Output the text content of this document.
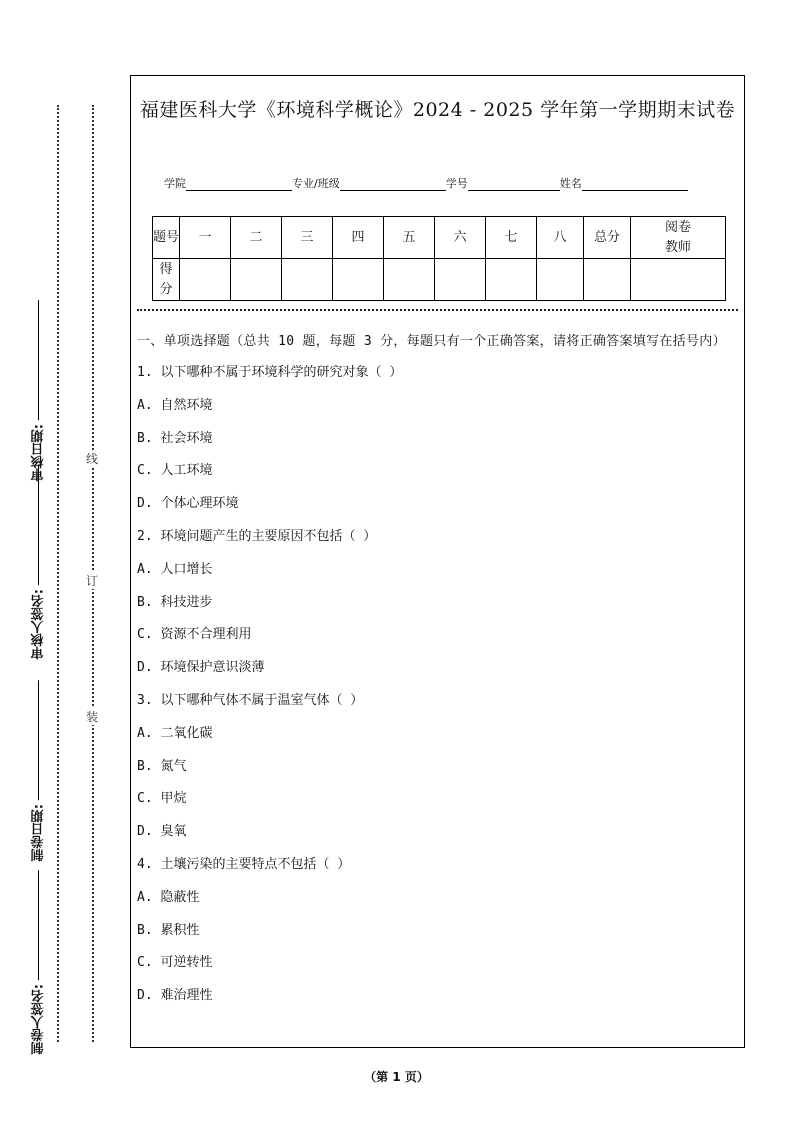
审核日期:
审核人签名:
制卷日期:
制卷人签名:
线
订
装
福建医科大学《环境科学概论》2024 - 2025 学年第一学期期末试卷
学院	专业/班级	学号	姓名
题号	一	二	三	四	五	六	七	八	总分	阅卷教师
得分										
一、单项选择题（总共 10 题，每题 3 分，每题只有一个正确答案，请将正确答案填写在括号内）
1. 以下哪种不属于环境科学的研究对象（ ）
A. 自然环境
B. 社会环境
C. 人工环境
D. 个体心理环境
2. 环境问题产生的主要原因不包括（ ）
A. 人口增长
B. 科技进步
C. 资源不合理利用
D. 环境保护意识淡薄
3. 以下哪种气体不属于温室气体（ ）
A. 二氧化碳
B. 氮气
C. 甲烷
D. 臭氧
4. 土壤污染的主要特点不包括（ ）
A. 隐蔽性
B. 累积性
C. 可逆转性
D. 难治理性
（第 1 页）
